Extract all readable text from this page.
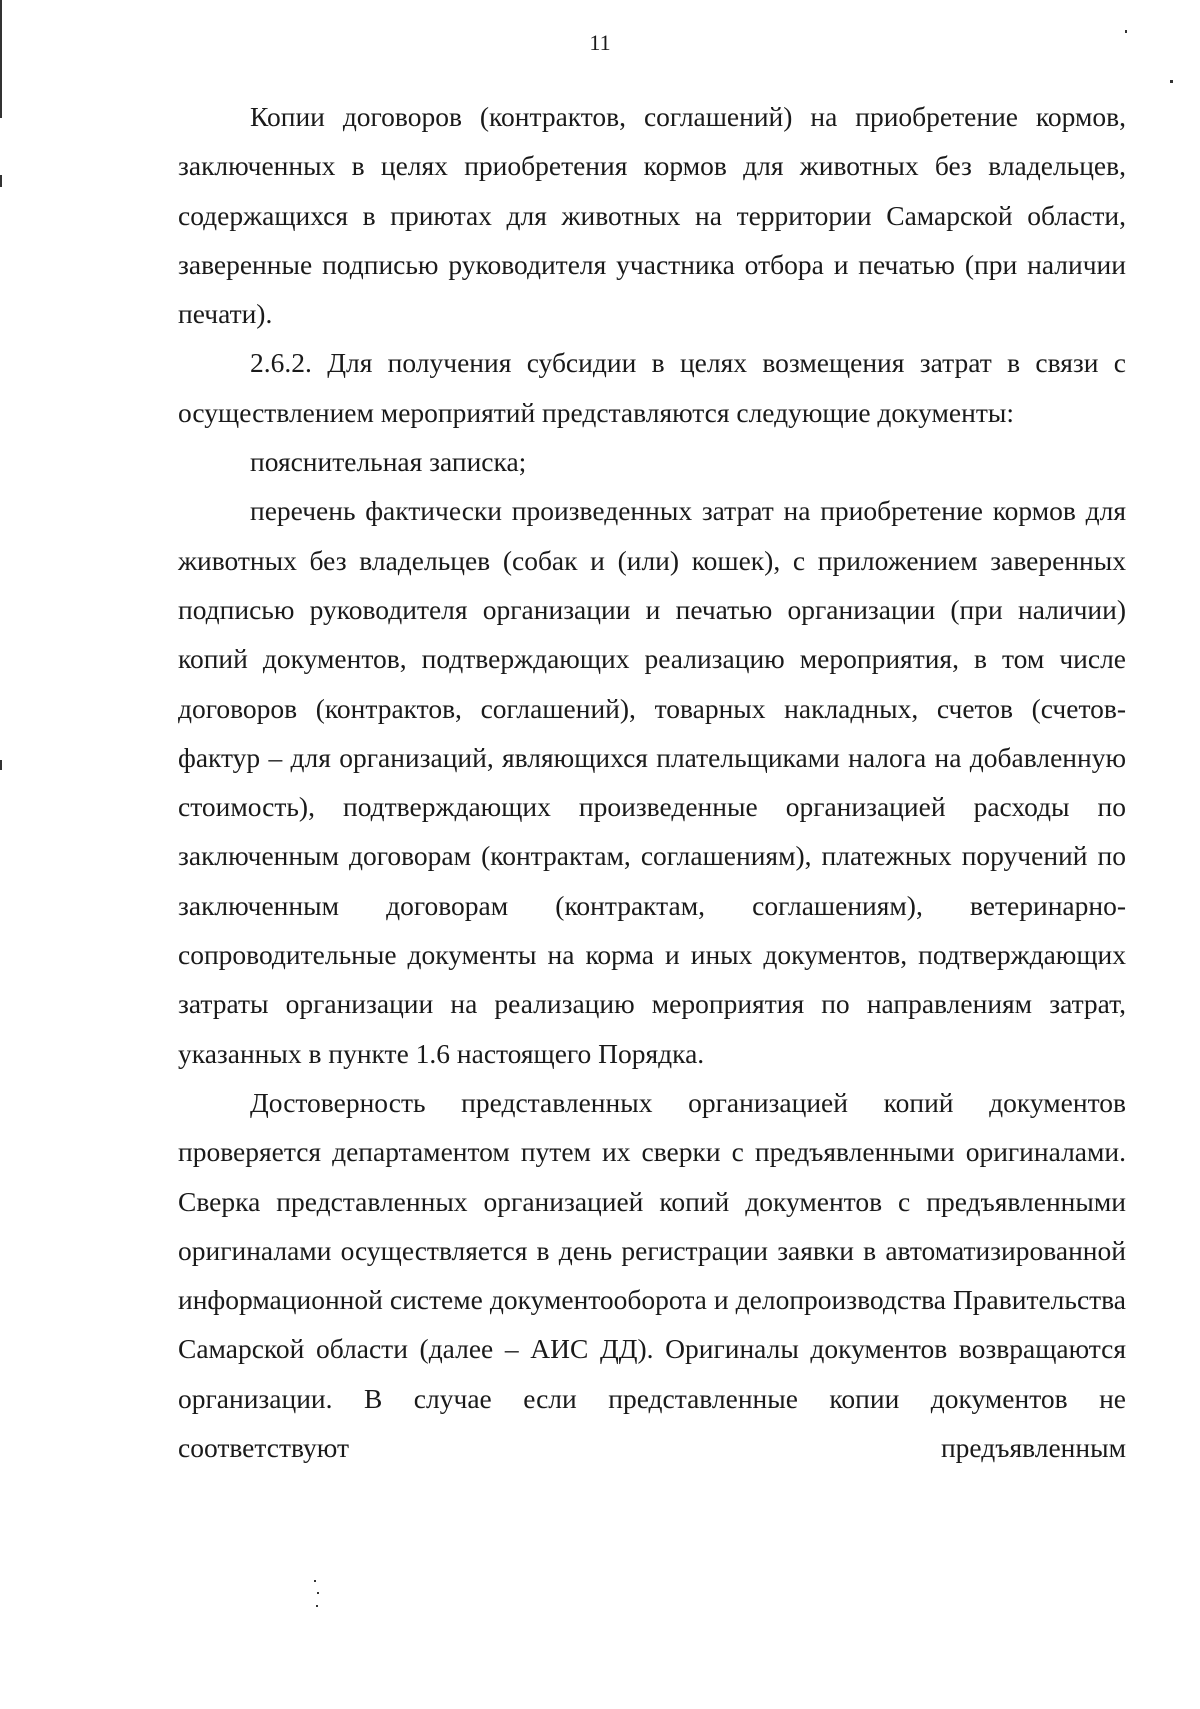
11

Копии договоров (контрактов, соглашений) на приобретение кормов, заключенных в целях приобретения кормов для животных без владельцев, содержащихся в приютах для животных на территории Самарской области, заверенные подписью руководителя участника отбора и печатью (при наличии печати).

2.6.2. Для получения субсидии в целях возмещения затрат в связи с осуществлением мероприятий представляются следующие документы:

пояснительная записка;

перечень фактически произведенных затрат на приобретение кормов для животных без владельцев (собак и (или) кошек), с приложением заверенных подписью руководителя организации и печатью организации (при наличии) копий документов, подтверждающих реализацию мероприятия, в том числе договоров (контрактов, соглашений), товарных накладных, счетов (счетов-фактур – для организаций, являющихся плательщиками налога на добавленную стоимость), подтверждающих произведенные организацией расходы по заключенным договорам (контрактам, соглашениям), платежных поручений по заключенным договорам (контрактам, соглашениям), ветеринарно-сопроводительные документы на корма и иных документов, подтверждающих затраты организации на реализацию мероприятия по направлениям затрат, указанных в пункте 1.6 настоящего Порядка.

Достоверность представленных организацией копий документов проверяется департаментом путем их сверки с предъявленными оригиналами. Сверка представленных организацией копий документов с предъявленными оригиналами осуществляется в день регистрации заявки в автоматизированной информационной системе документооборота и делопроизводства Правительства Самарской области (далее – АИС ДД). Оригиналы документов возвращаются организации. В случае если представленные копии документов не соответствуют предъявленным
